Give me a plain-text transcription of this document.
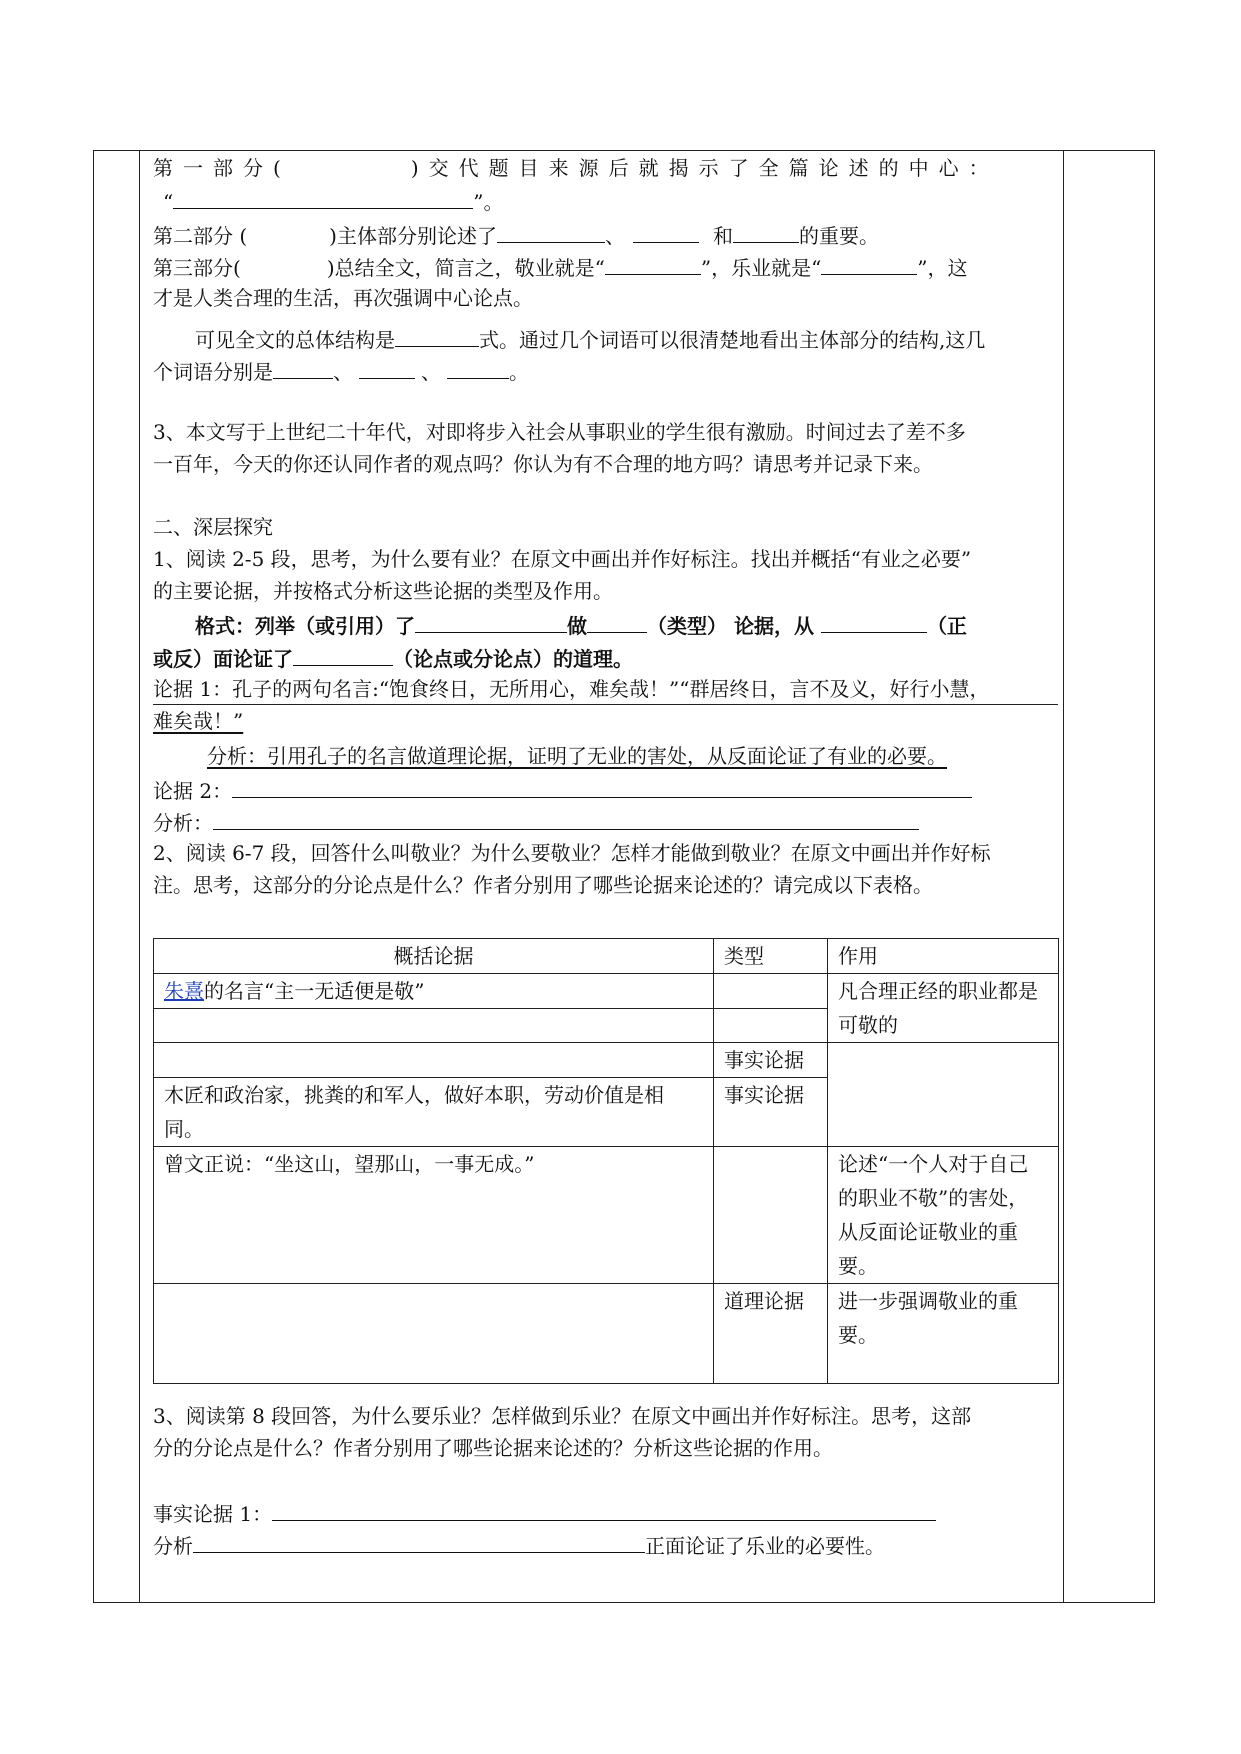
第一部分(	)交代题目来源后就揭示了全篇论述的中心：
“	”。
第二部分 (	)主体部分别论述了	、	和	的重要。
第三部分(	)总结全文，简言之，敬业就是“	”，乐业就是“	”，这
才是人类合理的生活，再次强调中心论点。
可见全文的总体结构是	式。通过几个词语可以很清楚地看出主体部分的结构,这几
个词语分别是	、	、	。
3、本文写于上世纪二十年代，对即将步入社会从事职业的学生很有激励。时间过去了差不多
一百年，今天的你还认同作者的观点吗？你认为有不合理的地方吗？请思考并记录下来。
二、深层探究
1、阅读 2-5 段，思考，为什么要有业？在原文中画出并作好标注。找出并概括“有业之必要”
的主要论据，并按格式分析这些论据的类型及作用。
格式：列举（或引用）了	做	（类型） 论据，从	（正
或反）面论证了	（论点或分论点）的道理。
论据 1：孔子的两句名言:“饱食终日，无所用心，难矣哉！”“群居终日，言不及义，好行小慧，
难矣哉！”
分析：引用孔子的名言做道理论据，证明了无业的害处，从反面论证了有业的必要。
论据 2：
分析：
2、阅读 6-7 段，回答什么叫敬业？为什么要敬业？怎样才能做到敬业？在原文中画出并作好标
注。思考，这部分的分论点是什么？作者分别用了哪些论据来论述的？请完成以下表格。
概括论据	类型	作用
朱熹的名言“主一无适便是敬”		凡合理正经的职业都是可敬的

	事实论据	
木匠和政治家，挑粪的和军人，做好本职，劳动价值是相同。	事实论据	
曾文正说：“坐这山，望那山，一事无成。”		论述“一个人对于自己的职业不敬”的害处，从反面论证敬业的重要。
	道理论据	进一步强调敬业的重要。
3、阅读第 8 段回答，为什么要乐业？怎样做到乐业？在原文中画出并作好标注。思考，这部
分的分论点是什么？作者分别用了哪些论据来论述的？分析这些论据的作用。
事实论据 1：
分析	正面论证了乐业的必要性。
